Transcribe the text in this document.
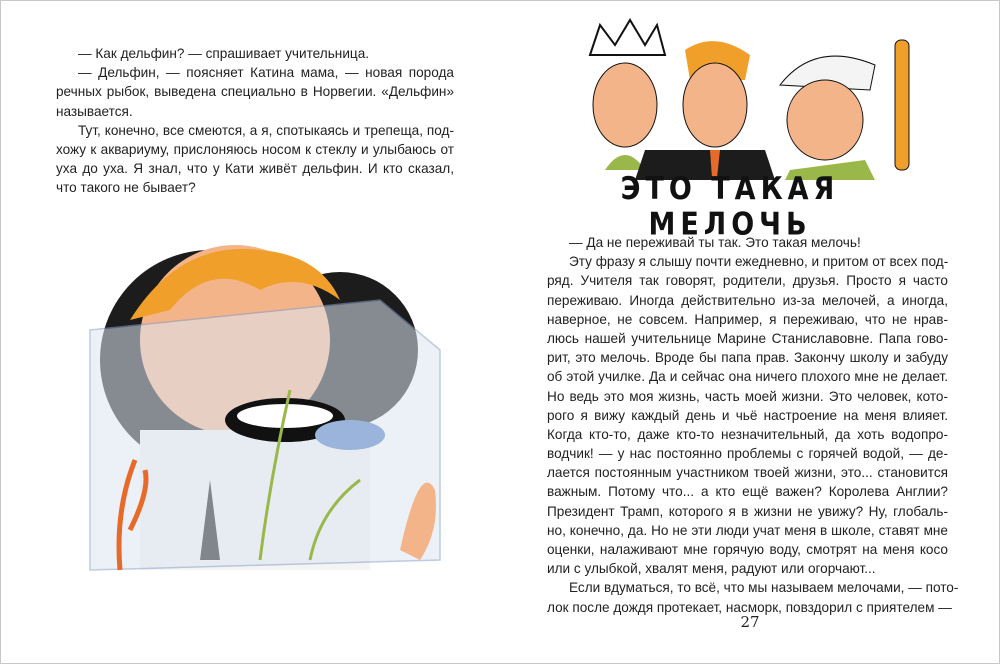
— Как дельфин? — спрашивает учительница.
— Дельфин, — поясняет Катина мама, — новая порода
речных рыбок, выведена специально в Норвегии. «Дельфин»
называется.
Тут, конечно, все смеются, а я, спотыкаясь и трепеща, под-
хожу к аквариуму, прислоняюсь носом к стеклу и улыбаюсь от
уха до уха. Я знал, что у Кати живёт дельфин. И кто сказал,
что такого не бывает?	ЭТО ТАКАЯ МЕЛОЧЬ
— Да не переживай ты так. Это такая мелочь!
Эту фразу я слышу почти ежедневно, и притом от всех под-
ряд. Учителя так говорят, родители, друзья. Просто я часто
переживаю. Иногда действительно из-за мелочей, а иногда,
наверное, не совсем. Например, я переживаю, что не нрав-
люсь нашей учительнице Марине Станиславовне. Папа гово-
рит, это мелочь. Вроде бы папа прав. Закончу школу и забуду
об этой училке. Да и сейчас она ничего плохого мне не делает.
Но ведь это моя жизнь, часть моей жизни. Это человек, кото-
рого я вижу каждый день и чьё настроение на меня влияет.
Когда кто-то, даже кто-то незначительный, да хоть водопро-
водчик! — у нас постоянно проблемы с горячей водой, — де-
лается постоянным участником твоей жизни, это... становится
важным. Потому что... а кто ещё важен? Королева Англии?
Президент Трамп, которого я в жизни не увижу? Ну, глобаль-
но, конечно, да. Но не эти люди учат меня в школе, ставят мне
оценки, налаживают мне горячую воду, смотрят на меня косо
или с улыбкой, хвалят меня, радуют или огорчают...
Если вдуматься, то всё, что мы называем мелочами, — пото-
лок после дождя протекает, насморк, повздорил с приятелем —
27
